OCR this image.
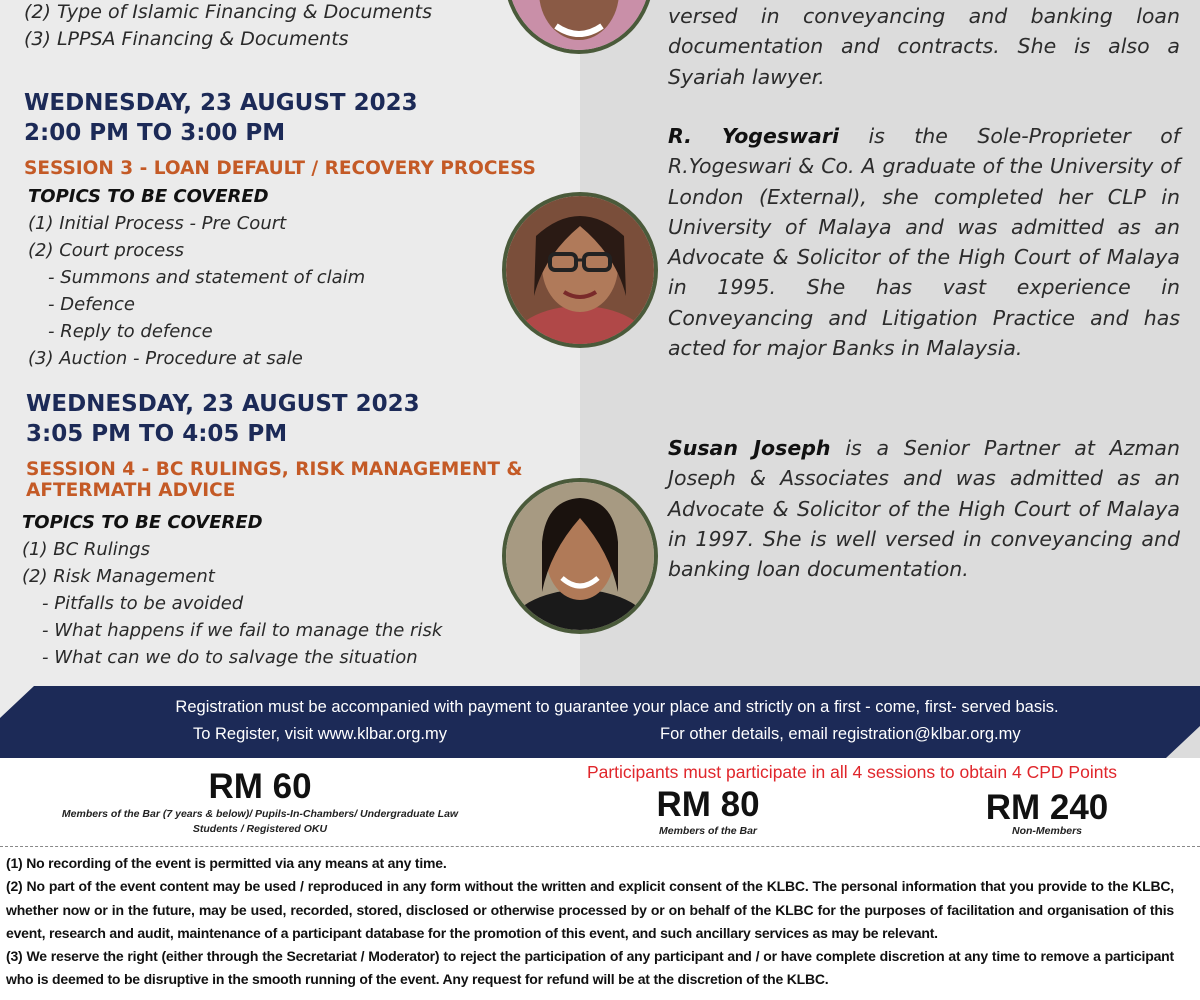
(2) Type of Islamic Financing & Documents
(3) LPPSA Financing & Documents
WEDNESDAY, 23 AUGUST 2023
2:00 PM TO 3:00 PM
SESSION 3 - LOAN DEFAULT / RECOVERY PROCESS
TOPICS TO BE COVERED
(1) Initial Process - Pre Court
(2) Court process
- Summons and statement of claim
- Defence
- Reply to defence
(3) Auction - Procedure at sale
WEDNESDAY, 23 AUGUST 2023
3:05 PM TO 4:05 PM
SESSION 4 - BC RULINGS, RISK MANAGEMENT & AFTERMATH ADVICE
TOPICS TO BE COVERED
(1) BC Rulings
(2) Risk Management
- Pitfalls to be avoided
- What happens if we fail to manage the risk
- What can we do to salvage the situation
versed in conveyancing and banking loan documentation and contracts. She is also a Syariah lawyer.
R. Yogeswari is the Sole-Proprieter of R.Yogeswari & Co. A graduate of the University of London (External), she completed her CLP in University of Malaya and was admitted as an Advocate & Solicitor of the High Court of Malaya in 1995. She has vast experience in Conveyancing and Litigation Practice and has acted for major Banks in Malaysia.
Susan Joseph is a Senior Partner at Azman Joseph & Associates and was admitted as an Advocate & Solicitor of the High Court of Malaya in 1997. She is well versed in conveyancing and banking loan documentation.
Registration must be accompanied with payment to guarantee your place and strictly on a first - come, first- served basis.
To Register, visit www.klbar.org.my	For other details, email registration@klbar.org.my
Participants must participate in all 4 sessions to obtain 4 CPD Points
RM 60
Members of the Bar (7 years & below)/ Pupils-In-Chambers/ Undergraduate Law Students / Registered OKU
RM 80
Members of the Bar
RM 240
Non-Members

(1) No recording of the event is permitted via any means at any time.

(2) No part of the event content may be used / reproduced in any form without the written and explicit consent of the KLBC. The personal information that you provide to the KLBC, whether now or in the future, may be used, recorded, stored, disclosed or otherwise processed by or on behalf of the KLBC for the purposes of facilitation and organisation of this event, research and audit, maintenance of a participant database for the promotion of this event, and such ancillary services as may be relevant.

(3) We reserve the right (either through the Secretariat / Moderator) to reject the participation of any participant and / or have complete discretion at any time to remove a participant who is deemed to be disruptive in the smooth running of the event. Any request for refund will be at the discretion of the KLBC.
